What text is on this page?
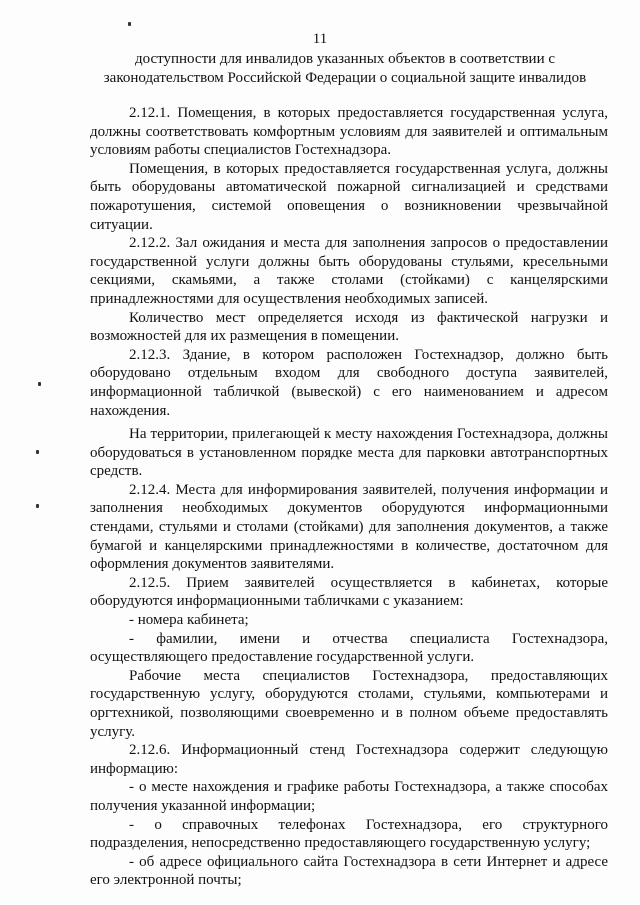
11
доступности для инвалидов указанных объектов в соответствии с
законодательством Российской Федерации о социальной защите инвалидов

2.12.1. Помещения, в которых предоставляется государственная услуга, должны соответствовать комфортным условиям для заявителей и оптимальным условиям работы специалистов Гостехнадзора.

Помещения, в которых предоставляется государственная услуга, должны быть оборудованы автоматической пожарной сигнализацией и средствами пожаротушения, системой оповещения о возникновении чрезвычайной ситуации.

2.12.2. Зал ожидания и места для заполнения запросов о предоставлении государственной услуги должны быть оборудованы стульями, кресельными секциями, скамьями, а также столами (стойками) с канцелярскими принадлежностями для осуществления необходимых записей.

Количество мест определяется исходя из фактической нагрузки и возможностей для их размещения в помещении.

2.12.3. Здание, в котором расположен Гостехнадзор, должно быть оборудовано отдельным входом для свободного доступа заявителей, информационной табличкой (вывеской) с его наименованием и адресом нахождения.

На территории, прилегающей к месту нахождения Гостехнадзора, должны оборудоваться в установленном порядке места для парковки автотранспортных средств.

2.12.4. Места для информирования заявителей, получения информации и заполнения необходимых документов оборудуются информационными стендами, стульями и столами (стойками) для заполнения документов, а также бумагой и канцелярскими принадлежностями в количестве, достаточном для оформления документов заявителями.

2.12.5. Прием заявителей осуществляется в кабинетах, которые оборудуются информационными табличками с указанием:

- номера кабинета;

- фамилии, имени и отчества специалиста Гостехнадзора, осуществляющего предоставление государственной услуги.

Рабочие места специалистов Гостехнадзора, предоставляющих государственную услугу, оборудуются столами, стульями, компьютерами и оргтехникой, позволяющими своевременно и в полном объеме предоставлять услугу.

2.12.6. Информационный стенд Гостехнадзора содержит следующую информацию:

- о месте нахождения и графике работы Гостехнадзора, а также способах получения указанной информации;

- о справочных телефонах Гостехнадзора, его структурного подразделения, непосредственно предоставляющего государственную услугу;

- об адресе официального сайта Гостехнадзора в сети Интернет и адресе его электронной почты;
